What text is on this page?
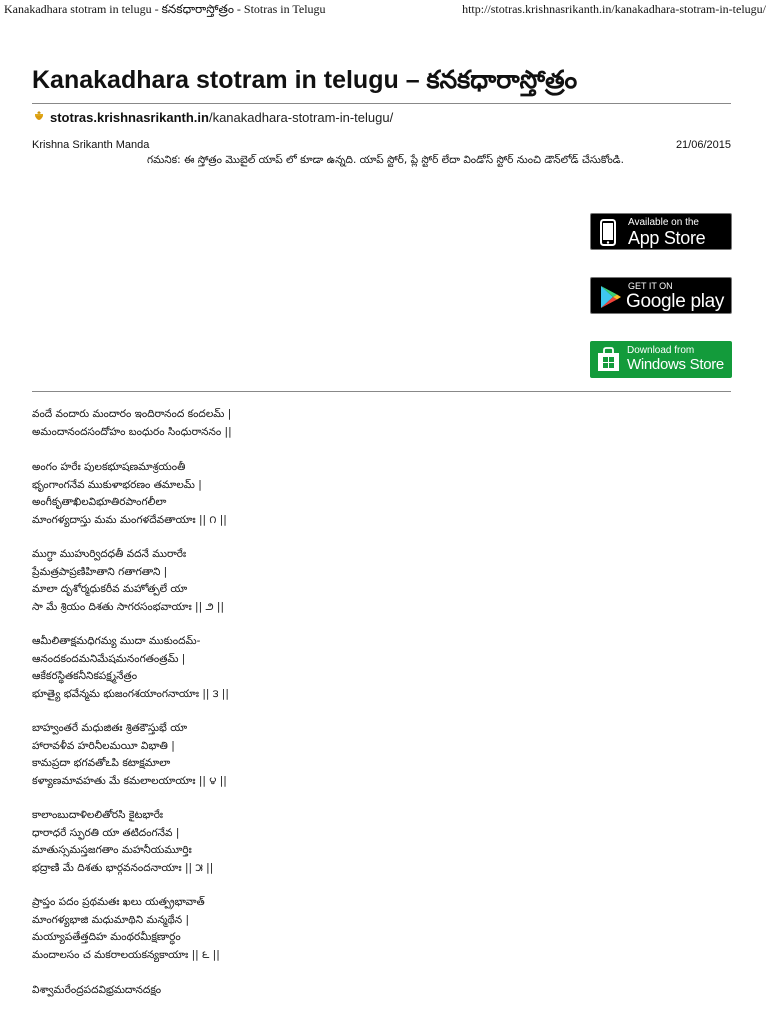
Kanakadhara stotram in telugu - కనకధారాస్తోత్రం - Stotras in Telugu	http://stotras.krishnasrikanth.in/kanakadhara-stotram-in-telugu/
Kanakadhara stotram in telugu – కనకధారాస్తోత్రం
stotras.krishnasrikanth.in/kanakadhara-stotram-in-telugu/
Krishna Srikanth Manda	21/06/2015
గమనిక: ఈ స్తోత్రం మొబైల్ యాప్ లో కూడా ఉన్నది. యాప్ స్టోర్, ప్లే స్టోర్ లేదా విండోస్ స్టోర్ నుంచి డౌన్‌లోడ్ చేసుకోండి.
Available on the
App Store
GET IT ON
Google play
Download from
Windows Store
వందే వందారు మందారం ఇందిరానంద కందలమ్ |
అమందానందసందోహం బంధురం సింధురాననం ||
అంగం హరేః పులకభూషణమాశ్రయంతీ
భృంగాంగనేవ ముకుళాభరణం తమాలమ్ |
అంగీకృతాఖిలవిభూతిరపాంగలీలా
మాంగళ్యదాస్తు మమ మంగళదేవతాయాః || ౧ ||
ముగ్ధా ముహుర్విదధతీ వదనే మురారేః
ప్రేమత్రపాప్రణిహితాని గతాగతాని |
మాలా దృశోర్మధుకరీవ మహోత్పలే యా
సా మే శ్రియం దిశతు సాగరసంభవాయాః || ౨ ||
ఆమీలితాక్షమధిగమ్య ముదా ముకుందమ్-
ఆనందకందమనిమేషమనంగతంత్రమ్ |
ఆకేకరస్థితకనీనికపక్ష్మనేత్రం
భూత్యై భవేన్మమ భుజంగశయాంగనాయాః || ౩ ||
బాహ్వంతరే మధుజితః శ్రితకౌస్తుభే యా
హారావళీవ హరినీలమయీ విభాతి |
కామప్రదా భగవతోఽపి కటాక్షమాలా
కళ్యాణమావహతు మే కమలాలయాయాః || ౪ ||
కాలాంబుదాళిలలితోరసి కైటభారేః
ధారాధరే స్ఫురతి యా తటిదంగనేవ |
మాతుస్సమస్తజగతాం మహనీయమూర్తిః
భద్రాణి మే దిశతు భార్గవనందనాయాః || ౫ ||
ప్రాప్తం పదం ప్రథమతః ఖలు యత్ప్రభావాత్
మాంగళ్యభాజి మధుమాథిని మన్మథేన |
మయ్యాపతేత్తదిహ మంథరమీక్షణార్ధం
మందాలసం చ మకరాలయకన్యకాయాః || ౬ ||
విశ్వామరేంద్రపదవిభ్రమదానదక్షం
